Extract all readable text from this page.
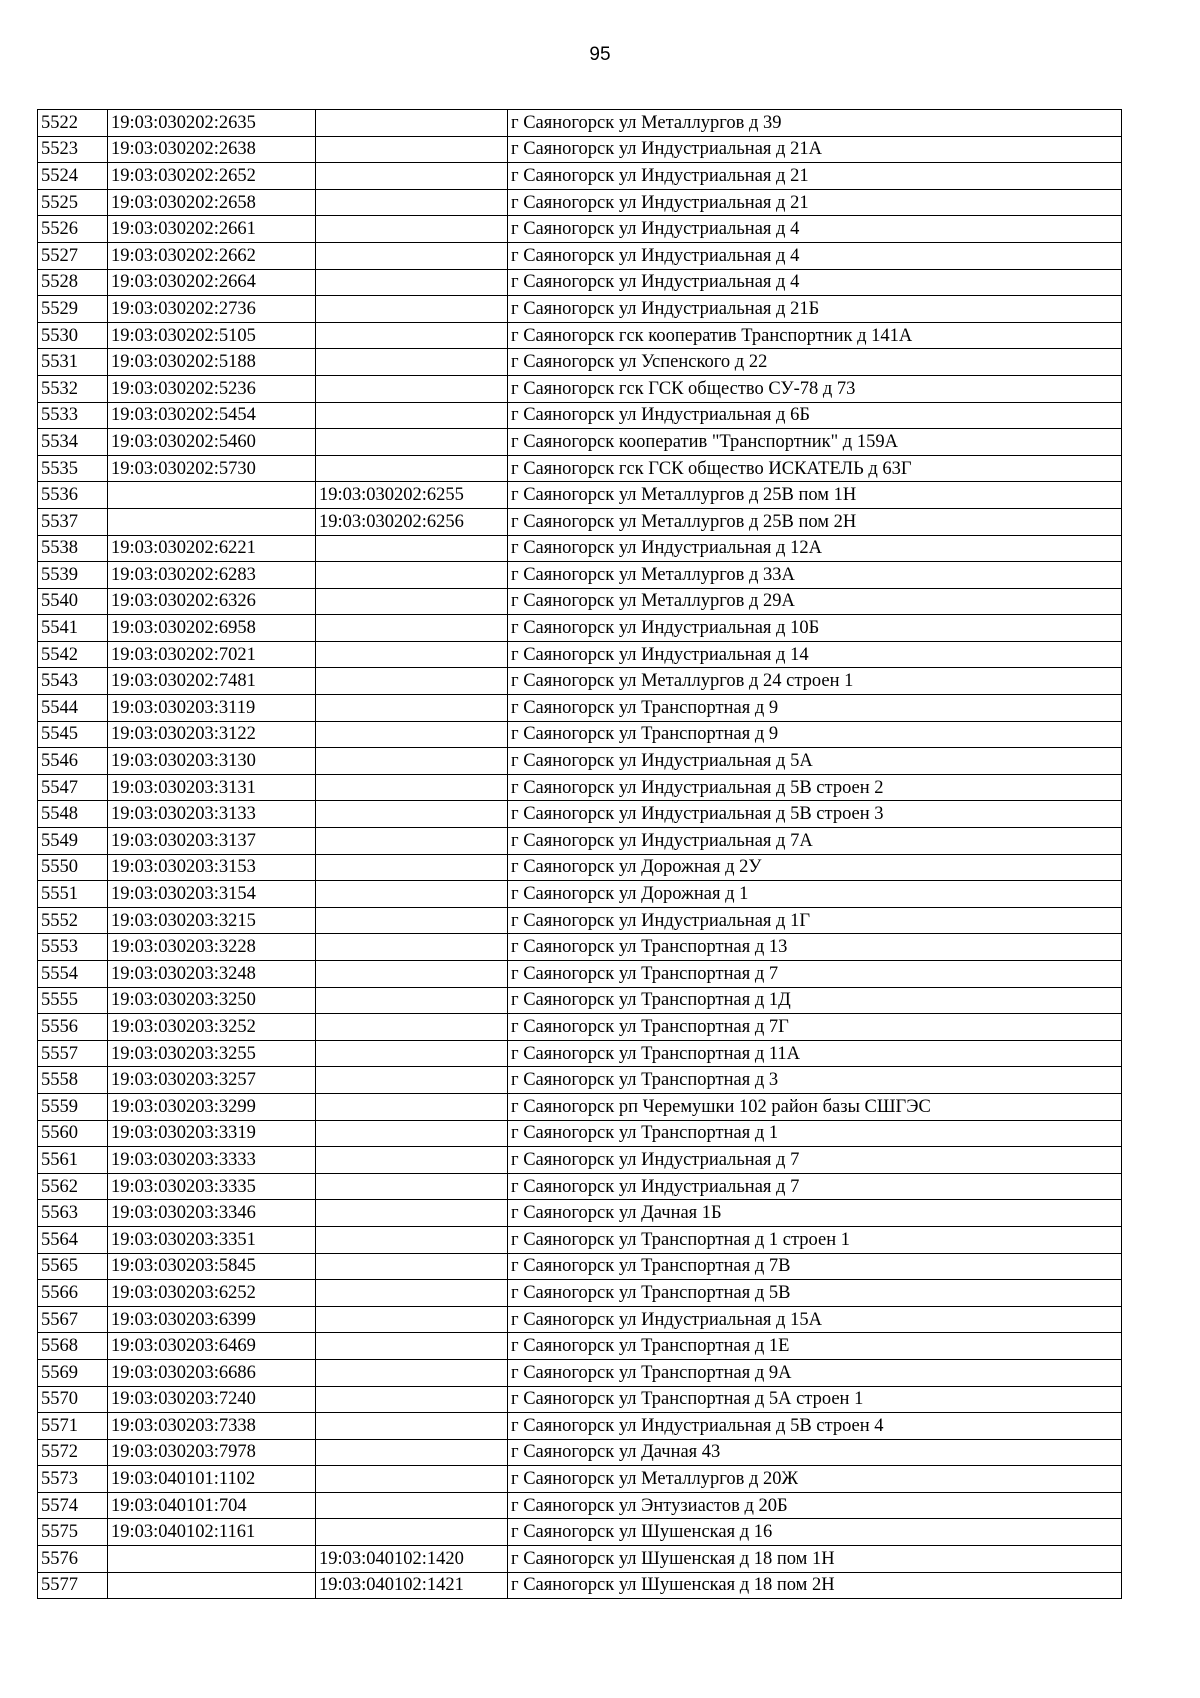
95
5522	19:03:030202:2635		г Саяногорск ул Металлургов д 39
5523	19:03:030202:2638		г Саяногорск ул Индустриальная д 21А
5524	19:03:030202:2652		г Саяногорск ул Индустриальная д 21
5525	19:03:030202:2658		г Саяногорск ул Индустриальная д 21
5526	19:03:030202:2661		г Саяногорск ул Индустриальная д 4
5527	19:03:030202:2662		г Саяногорск ул Индустриальная д 4
5528	19:03:030202:2664		г Саяногорск ул Индустриальная д 4
5529	19:03:030202:2736		г Саяногорск ул Индустриальная д 21Б
5530	19:03:030202:5105		г Саяногорск гск кооператив Транспортник д 141А
5531	19:03:030202:5188		г Саяногорск ул Успенского д 22
5532	19:03:030202:5236		г Саяногорск гск ГСК общество СУ-78 д 73
5533	19:03:030202:5454		г Саяногорск ул Индустриальная д 6Б
5534	19:03:030202:5460		г Саяногорск кооператив "Транспортник" д 159А
5535	19:03:030202:5730		г Саяногорск гск ГСК общество ИСКАТЕЛЬ д 63Г
5536		19:03:030202:6255	г Саяногорск ул Металлургов д 25В пом 1Н
5537		19:03:030202:6256	г Саяногорск ул Металлургов д 25В пом 2Н
5538	19:03:030202:6221		г Саяногорск ул Индустриальная д 12А
5539	19:03:030202:6283		г Саяногорск ул Металлургов д 33А
5540	19:03:030202:6326		г Саяногорск ул Металлургов д 29А
5541	19:03:030202:6958		г Саяногорск ул Индустриальная д 10Б
5542	19:03:030202:7021		г Саяногорск ул Индустриальная д 14
5543	19:03:030202:7481		г Саяногорск ул Металлургов д 24 строен 1
5544	19:03:030203:3119		г Саяногорск ул Транспортная д 9
5545	19:03:030203:3122		г Саяногорск ул Транспортная д 9
5546	19:03:030203:3130		г Саяногорск ул Индустриальная д 5А
5547	19:03:030203:3131		г Саяногорск ул Индустриальная д 5В строен 2
5548	19:03:030203:3133		г Саяногорск ул Индустриальная д 5В строен 3
5549	19:03:030203:3137		г Саяногорск ул Индустриальная д 7А
5550	19:03:030203:3153		г Саяногорск ул Дорожная д 2У
5551	19:03:030203:3154		г Саяногорск ул Дорожная д 1
5552	19:03:030203:3215		г Саяногорск ул Индустриальная д 1Г
5553	19:03:030203:3228		г Саяногорск ул Транспортная д 13
5554	19:03:030203:3248		г Саяногорск ул Транспортная д 7
5555	19:03:030203:3250		г Саяногорск ул Транспортная д 1Д
5556	19:03:030203:3252		г Саяногорск ул Транспортная д 7Г
5557	19:03:030203:3255		г Саяногорск ул Транспортная д 11А
5558	19:03:030203:3257		г Саяногорск ул Транспортная д 3
5559	19:03:030203:3299		г Саяногорск рп Черемушки 102 район базы СШГЭС
5560	19:03:030203:3319		г Саяногорск ул Транспортная д 1
5561	19:03:030203:3333		г Саяногорск ул Индустриальная д 7
5562	19:03:030203:3335		г Саяногорск ул Индустриальная д 7
5563	19:03:030203:3346		г Саяногорск ул Дачная 1Б
5564	19:03:030203:3351		г Саяногорск ул Транспортная д 1 строен 1
5565	19:03:030203:5845		г Саяногорск ул Транспортная д 7В
5566	19:03:030203:6252		г Саяногорск ул Транспортная д 5В
5567	19:03:030203:6399		г Саяногорск ул Индустриальная д 15А
5568	19:03:030203:6469		г Саяногорск ул Транспортная д 1Е
5569	19:03:030203:6686		г Саяногорск ул Транспортная д 9А
5570	19:03:030203:7240		г Саяногорск ул Транспортная д 5А строен 1
5571	19:03:030203:7338		г Саяногорск ул Индустриальная д 5В строен 4
5572	19:03:030203:7978		г Саяногорск ул Дачная 43
5573	19:03:040101:1102		г Саяногорск ул Металлургов д 20Ж
5574	19:03:040101:704		г Саяногорск ул Энтузиастов д 20Б
5575	19:03:040102:1161		г Саяногорск ул Шушенская д 16
5576		19:03:040102:1420	г Саяногорск ул Шушенская д 18 пом 1Н
5577		19:03:040102:1421	г Саяногорск ул Шушенская д 18 пом 2Н
